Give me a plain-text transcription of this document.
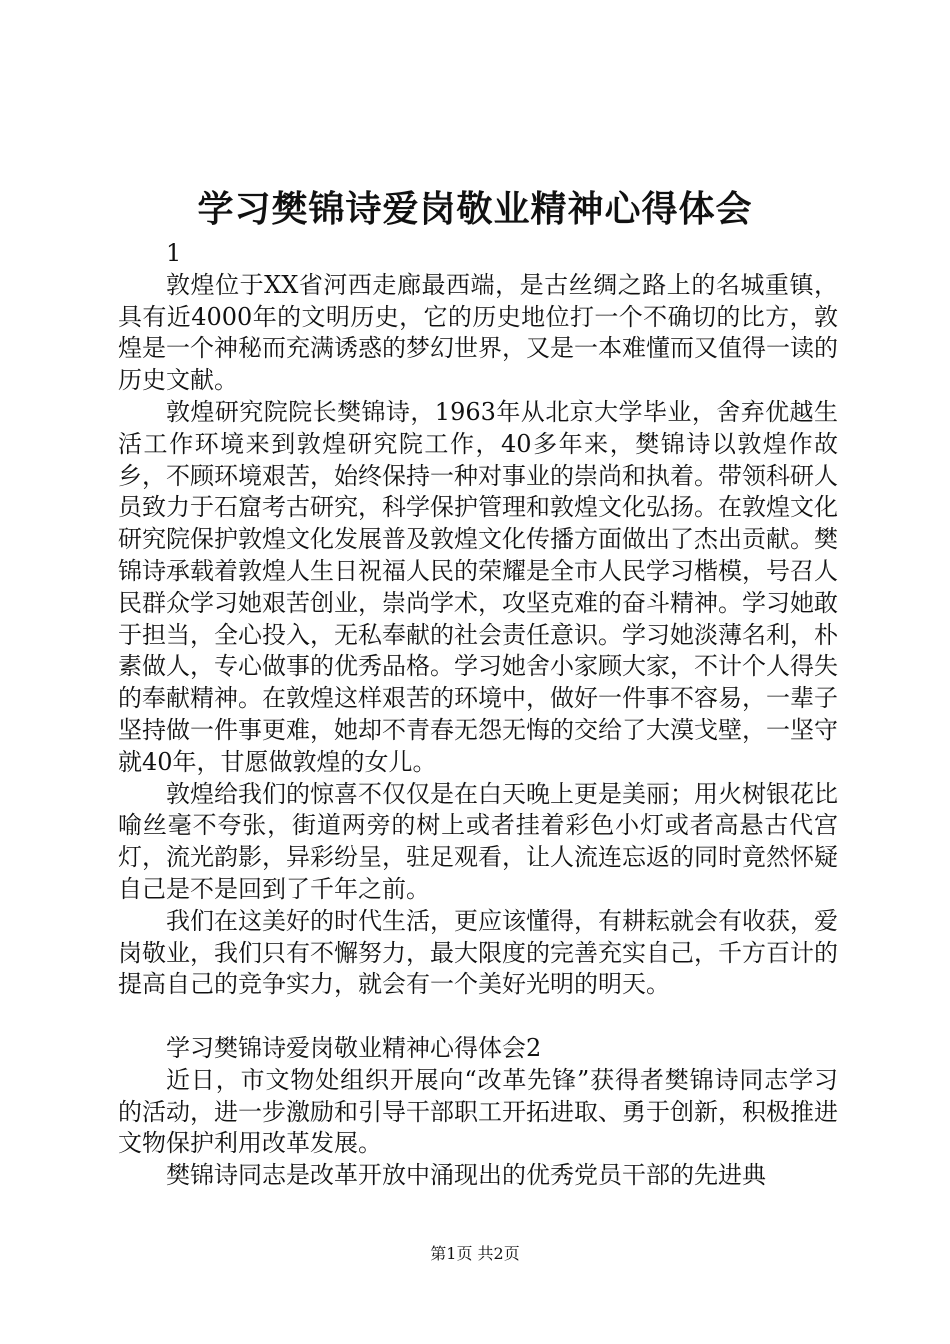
学习樊锦诗爱岗敬业精神心得体会

1

敦煌位于XX省河西走廊最西端，是古丝绸之路上的名城重镇，具有近4000年的文明历史，它的历史地位打一个不确切的比方，敦煌是一个神秘而充满诱惑的梦幻世界，又是一本难懂而又值得一读的历史文献。

敦煌研究院院长樊锦诗，1963年从北京大学毕业，舍弃优越生活工作环境来到敦煌研究院工作，40多年来，樊锦诗以敦煌作故乡，不顾环境艰苦，始终保持一种对事业的崇尚和执着。带领科研人员致力于石窟考古研究，科学保护管理和敦煌文化弘扬。在敦煌文化研究院保护敦煌文化发展普及敦煌文化传播方面做出了杰出贡献。樊锦诗承载着敦煌人生日祝福人民的荣耀是全市人民学习楷模，号召人民群众学习她艰苦创业，崇尚学术，攻坚克难的奋斗精神。学习她敢于担当，全心投入，无私奉献的社会责任意识。学习她淡薄名利，朴素做人，专心做事的优秀品格。学习她舍小家顾大家，不计个人得失的奉献精神。在敦煌这样艰苦的环境中，做好一件事不容易，一辈子坚持做一件事更难，她却不青春无怨无悔的交给了大漠戈壁，一坚守就40年，甘愿做敦煌的女儿。

敦煌给我们的惊喜不仅仅是在白天晚上更是美丽；用火树银花比喻丝毫不夸张，街道两旁的树上或者挂着彩色小灯或者高悬古代宫灯，流光韵影，异彩纷呈，驻足观看，让人流连忘返的同时竟然怀疑自己是不是回到了千年之前。

我们在这美好的时代生活，更应该懂得，有耕耘就会有收获，爱岗敬业，我们只有不懈努力，最大限度的完善充实自己，千方百计的提高自己的竞争实力，就会有一个美好光明的明天。

学习樊锦诗爱岗敬业精神心得体会2

近日，市文物处组织开展向“改革先锋”获得者樊锦诗同志学习的活动，进一步激励和引导干部职工开拓进取、勇于创新，积极推进文物保护利用改革发展。

樊锦诗同志是改革开放中涌现出的优秀党员干部的先进典

第1页 共2页
